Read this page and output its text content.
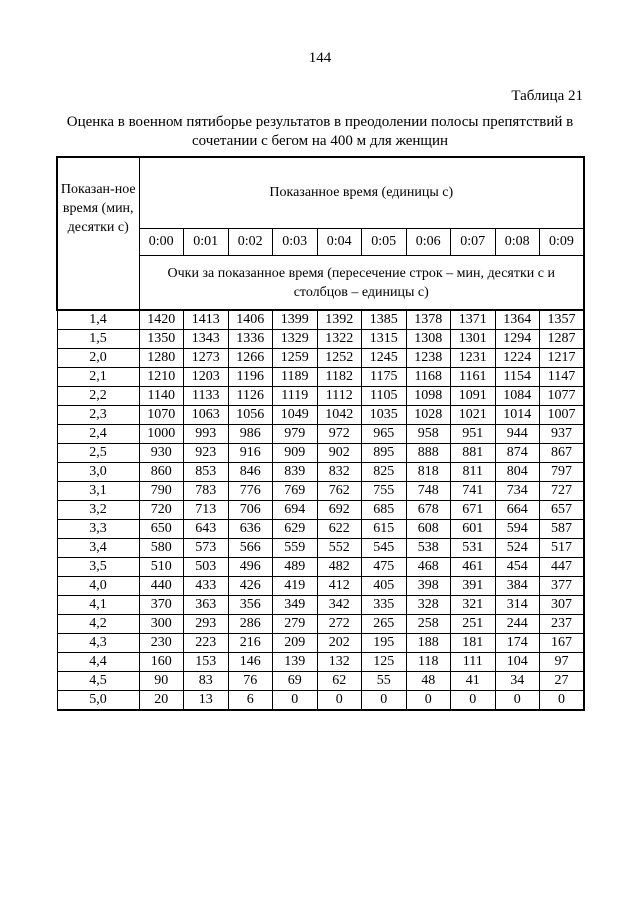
144
Таблица 21
Оценка в военном пятиборье результатов в преодолении полосы препятствий в сочетании с бегом на 400 м для женщин
Показан-ное время (мин, десятки с)	Показанное время (единицы с)									
	0:00	0:01	0:02	0:03	0:04	0:05	0:06	0:07	0:08	0:09
	Очки за показанное время (пересечение строк – мин, десятки с и столбцов – единицы с)									
1,4	1420	1413	1406	1399	1392	1385	1378	1371	1364	1357
1,5	1350	1343	1336	1329	1322	1315	1308	1301	1294	1287
2,0	1280	1273	1266	1259	1252	1245	1238	1231	1224	1217
2,1	1210	1203	1196	1189	1182	1175	1168	1161	1154	1147
2,2	1140	1133	1126	1119	1112	1105	1098	1091	1084	1077
2,3	1070	1063	1056	1049	1042	1035	1028	1021	1014	1007
2,4	1000	993	986	979	972	965	958	951	944	937
2,5	930	923	916	909	902	895	888	881	874	867
3,0	860	853	846	839	832	825	818	811	804	797
3,1	790	783	776	769	762	755	748	741	734	727
3,2	720	713	706	694	692	685	678	671	664	657
3,3	650	643	636	629	622	615	608	601	594	587
3,4	580	573	566	559	552	545	538	531	524	517
3,5	510	503	496	489	482	475	468	461	454	447
4,0	440	433	426	419	412	405	398	391	384	377
4,1	370	363	356	349	342	335	328	321	314	307
4,2	300	293	286	279	272	265	258	251	244	237
4,3	230	223	216	209	202	195	188	181	174	167
4,4	160	153	146	139	132	125	118	111	104	97
4,5	90	83	76	69	62	55	48	41	34	27
5,0	20	13	6	0	0	0	0	0	0	0
